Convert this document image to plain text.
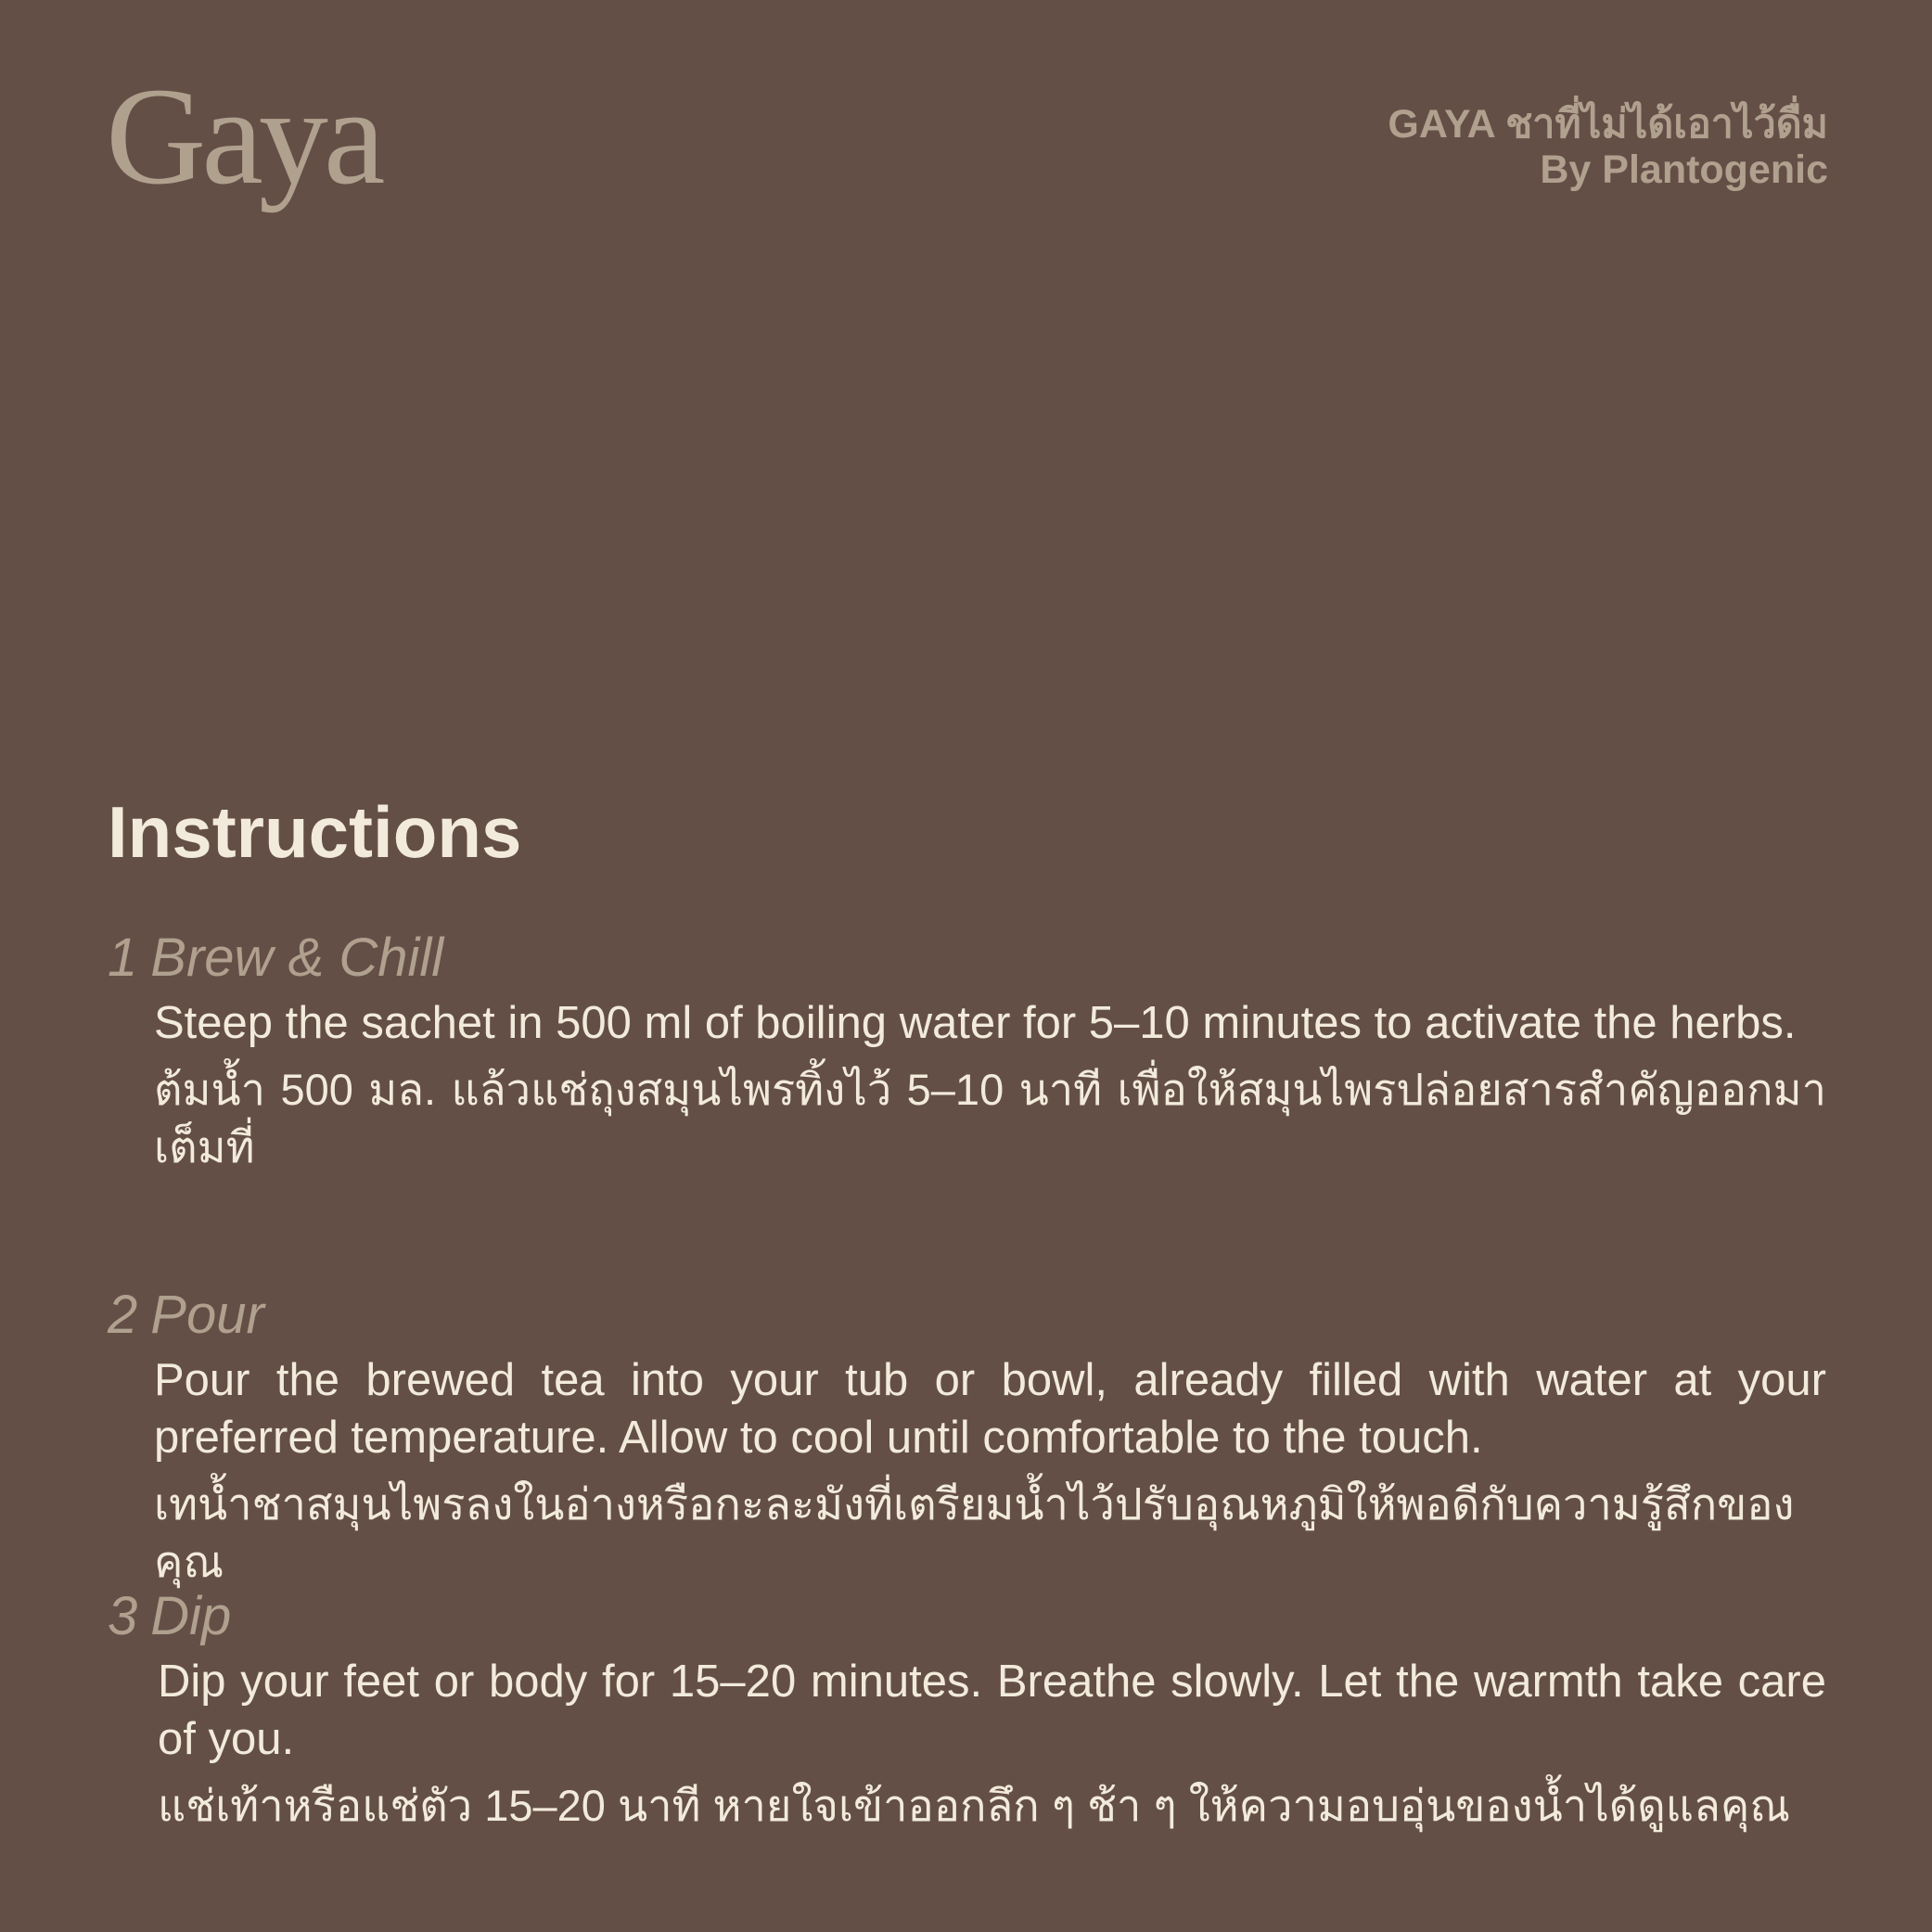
Gaya	GAYA ชาที่ไม่ได้เอาไว้ดื่ม
By Plantogenic
Instructions
1 Brew & Chill

Steep the sachet in 500 ml of boiling water for 5–10 minutes to activate the herbs.

ต้มน้ำ 500 มล. แล้วแช่ถุงสมุนไพรทิ้งไว้ 5–10 นาที เพื่อให้สมุนไพรปล่อยสารสำคัญออกมาเต็มที่

2 Pour

Pour the brewed tea into your tub or bowl, already filled with water at your preferred temperature. Allow to cool until comfortable to the touch.

เทน้ำชาสมุนไพรลงในอ่างหรือกะละมังที่เตรียมน้ำไว้ปรับอุณหภูมิให้พอดีกับความรู้สึกของคุณ

3 Dip

Dip your feet or body for 15–20 minutes. Breathe slowly. Let the warmth take care of you.

แช่เท้าหรือแช่ตัว 15–20 นาที หายใจเข้าออกลึก ๆ ช้า ๆ ให้ความอบอุ่นของน้ำได้ดูแลคุณ
